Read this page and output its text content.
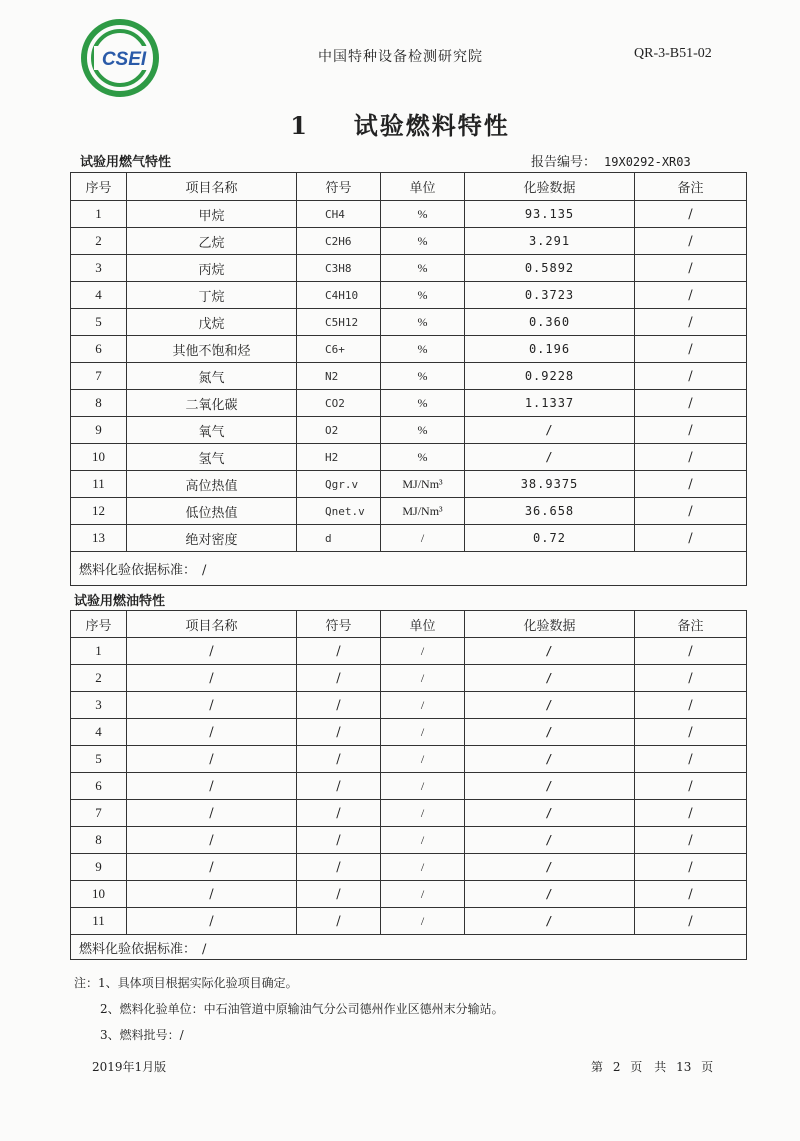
CSEI	中国特种设备检测研究院	QR-3-B51-02
1 试验燃料特性
试验用燃气特性	报告编号： 19X0292-XR03
序号	项目名称	符号	单位	化验数据	备注
1	甲烷	CH4	%	93.135	/
2	乙烷	C2H6	%	3.291	/
3	丙烷	C3H8	%	0.5892	/
4	丁烷	C4H10	%	0.3723	/
5	戊烷	C5H12	%	0.360	/
6	其他不饱和烃	C6+	%	0.196	/
7	氮气	N2	%	0.9228	/
8	二氧化碳	CO2	%	1.1337	/
9	氧气	O2	%	/	/
10	氢气	H2	%	/	/
11	高位热值	Qgr.v	MJ/Nm³	38.9375	/
12	低位热值	Qnet.v	MJ/Nm³	36.658	/
13	绝对密度	d	/	0.72	/
燃料化验依据标准： /					
试验用燃油特性
序号	项目名称	符号	单位	化验数据	备注
1	/	/	/	/	/
2	/	/	/	/	/
3	/	/	/	/	/
4	/	/	/	/	/
5	/	/	/	/	/
6	/	/	/	/	/
7	/	/	/	/	/
8	/	/	/	/	/
9	/	/	/	/	/
10	/	/	/	/	/
11	/	/	/	/	/
燃料化验依据标准： /					
注：1、具体项目根据实际化验项目确定。
2、燃料化验单位：中石油管道中原输油气分公司德州作业区德州末分输站。
3、燃料批号：/
2019年1月版	第 2 页　共 13 页
